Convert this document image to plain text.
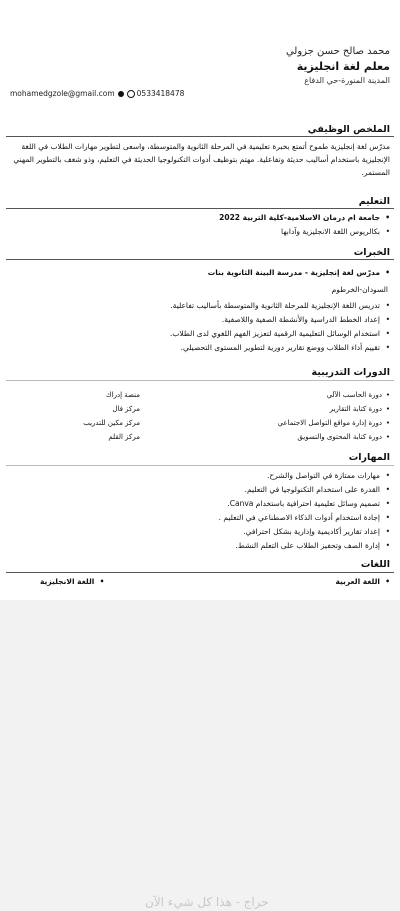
محمد صالح حسن جزولي
معلم لغة انجليزية
المدينة المنورة-حي الدفاع
mohamedgzole@gmail.com	0533418478
الملخص الوظيفي
مدرّس لغة إنجليزية طموح أتمتع بخبرة تعليمية في المرحلة الثانوية والمتوسطة، واسعى لتطوير مهارات الطلاب في اللغة الإنجليزية باستخدام أساليب حديثة وتفاعلية. مهتم بتوظيف أدوات التكنولوجيا الحديثة في التعليم، وذو شغف بالتطوير المهني المستمر.
التعليم
• جامعة ام درمان الاسلامية-كلية التربية 2022
• بكالريوس اللغة الانجليزية وآدابها
الخبرات
• مدرّس لغة إنجليزية - مدرسة البينة الثانوية بنات
السودان-الخرطوم
• تدريس اللغة الإنجليزية للمرحلة الثانوية والمتوسطة بأساليب تفاعلية.
• إعداد الخطط الدراسية والأنشطة الصفية واللاصفية.
• استخدام الوسائل التعليمية الرقمية لتعزيز الفهم اللغوي لدى الطلاب.
• تقييم أداء الطلاب ووضع تقارير دورية لتطوير المستوى التحصيلي.
الدورات التدريبية
• دورة الحاسب الآلي
منصة إدراك
• دورة كتابة التقارير
مركز فال
• دورة إدارة مواقع التواصل الاجتماعي
مركز مكين للتدريب
• دورة كتابة المحتوى والتسويق
مركز القلم
المهارات
• مهارات ممتازة في التواصل والشرح.
• القدرة على استخدام التكنولوجيا في التعليم.
• تصميم وسائل تعليمية احترافية باستخدام Canva.
• إجادة استخدام أدوات الذكاء الاصطناعي في التعليم .
• إعداد تقارير أكاديمية وإدارية بشكل احترافي.
• إدارة الصف وتحفيز الطلاب على التعلم النشط.
اللغات
• اللغة العربية
• اللغة الانجليزية
حراج - هذا كل شيء الآن
